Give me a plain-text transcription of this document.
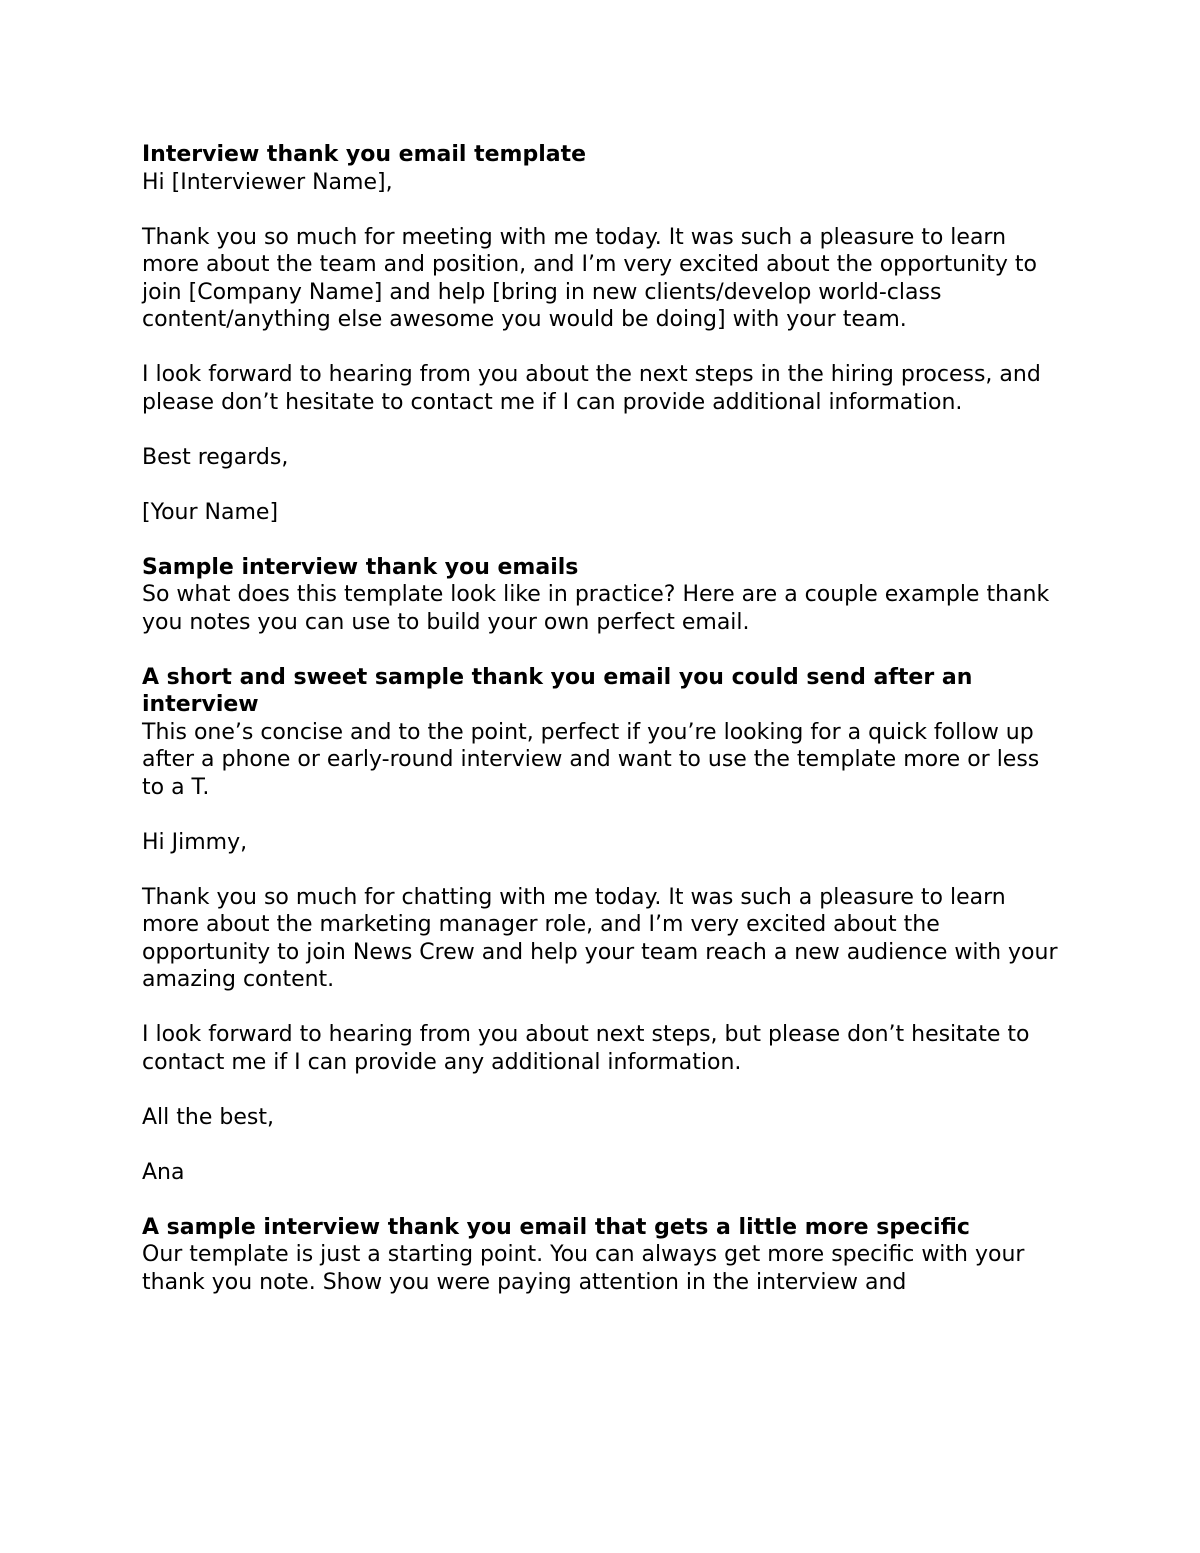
Interview thank you email template

Hi [Interviewer Name],

Thank you so much for meeting with me today. It was such a pleasure to learn more about the team and position, and I’m very excited about the opportunity to join [Company Name] and help [bring in new clients/develop world-class content/anything else awesome you would be doing] with your team.

I look forward to hearing from you about the next steps in the hiring process, and please don’t hesitate to contact me if I can provide additional information.

Best regards,

[Your Name]

Sample interview thank you emails

So what does this template look like in practice? Here are a couple example thank you notes you can use to build your own perfect email.

A short and sweet sample thank you email you could send after an interview

This one’s concise and to the point, perfect if you’re looking for a quick follow up after a phone or early-round interview and want to use the template more or less to a T.

Hi Jimmy,

Thank you so much for chatting with me today. It was such a pleasure to learn more about the marketing manager role, and I’m very excited about the opportunity to join News Crew and help your team reach a new audience with your amazing content.

I look forward to hearing from you about next steps, but please don’t hesitate to contact me if I can provide any additional information.

All the best,

Ana

A sample interview thank you email that gets a little more specific

Our template is just a starting point. You can always get more specific with your thank you note. Show you were paying attention in the interview and
